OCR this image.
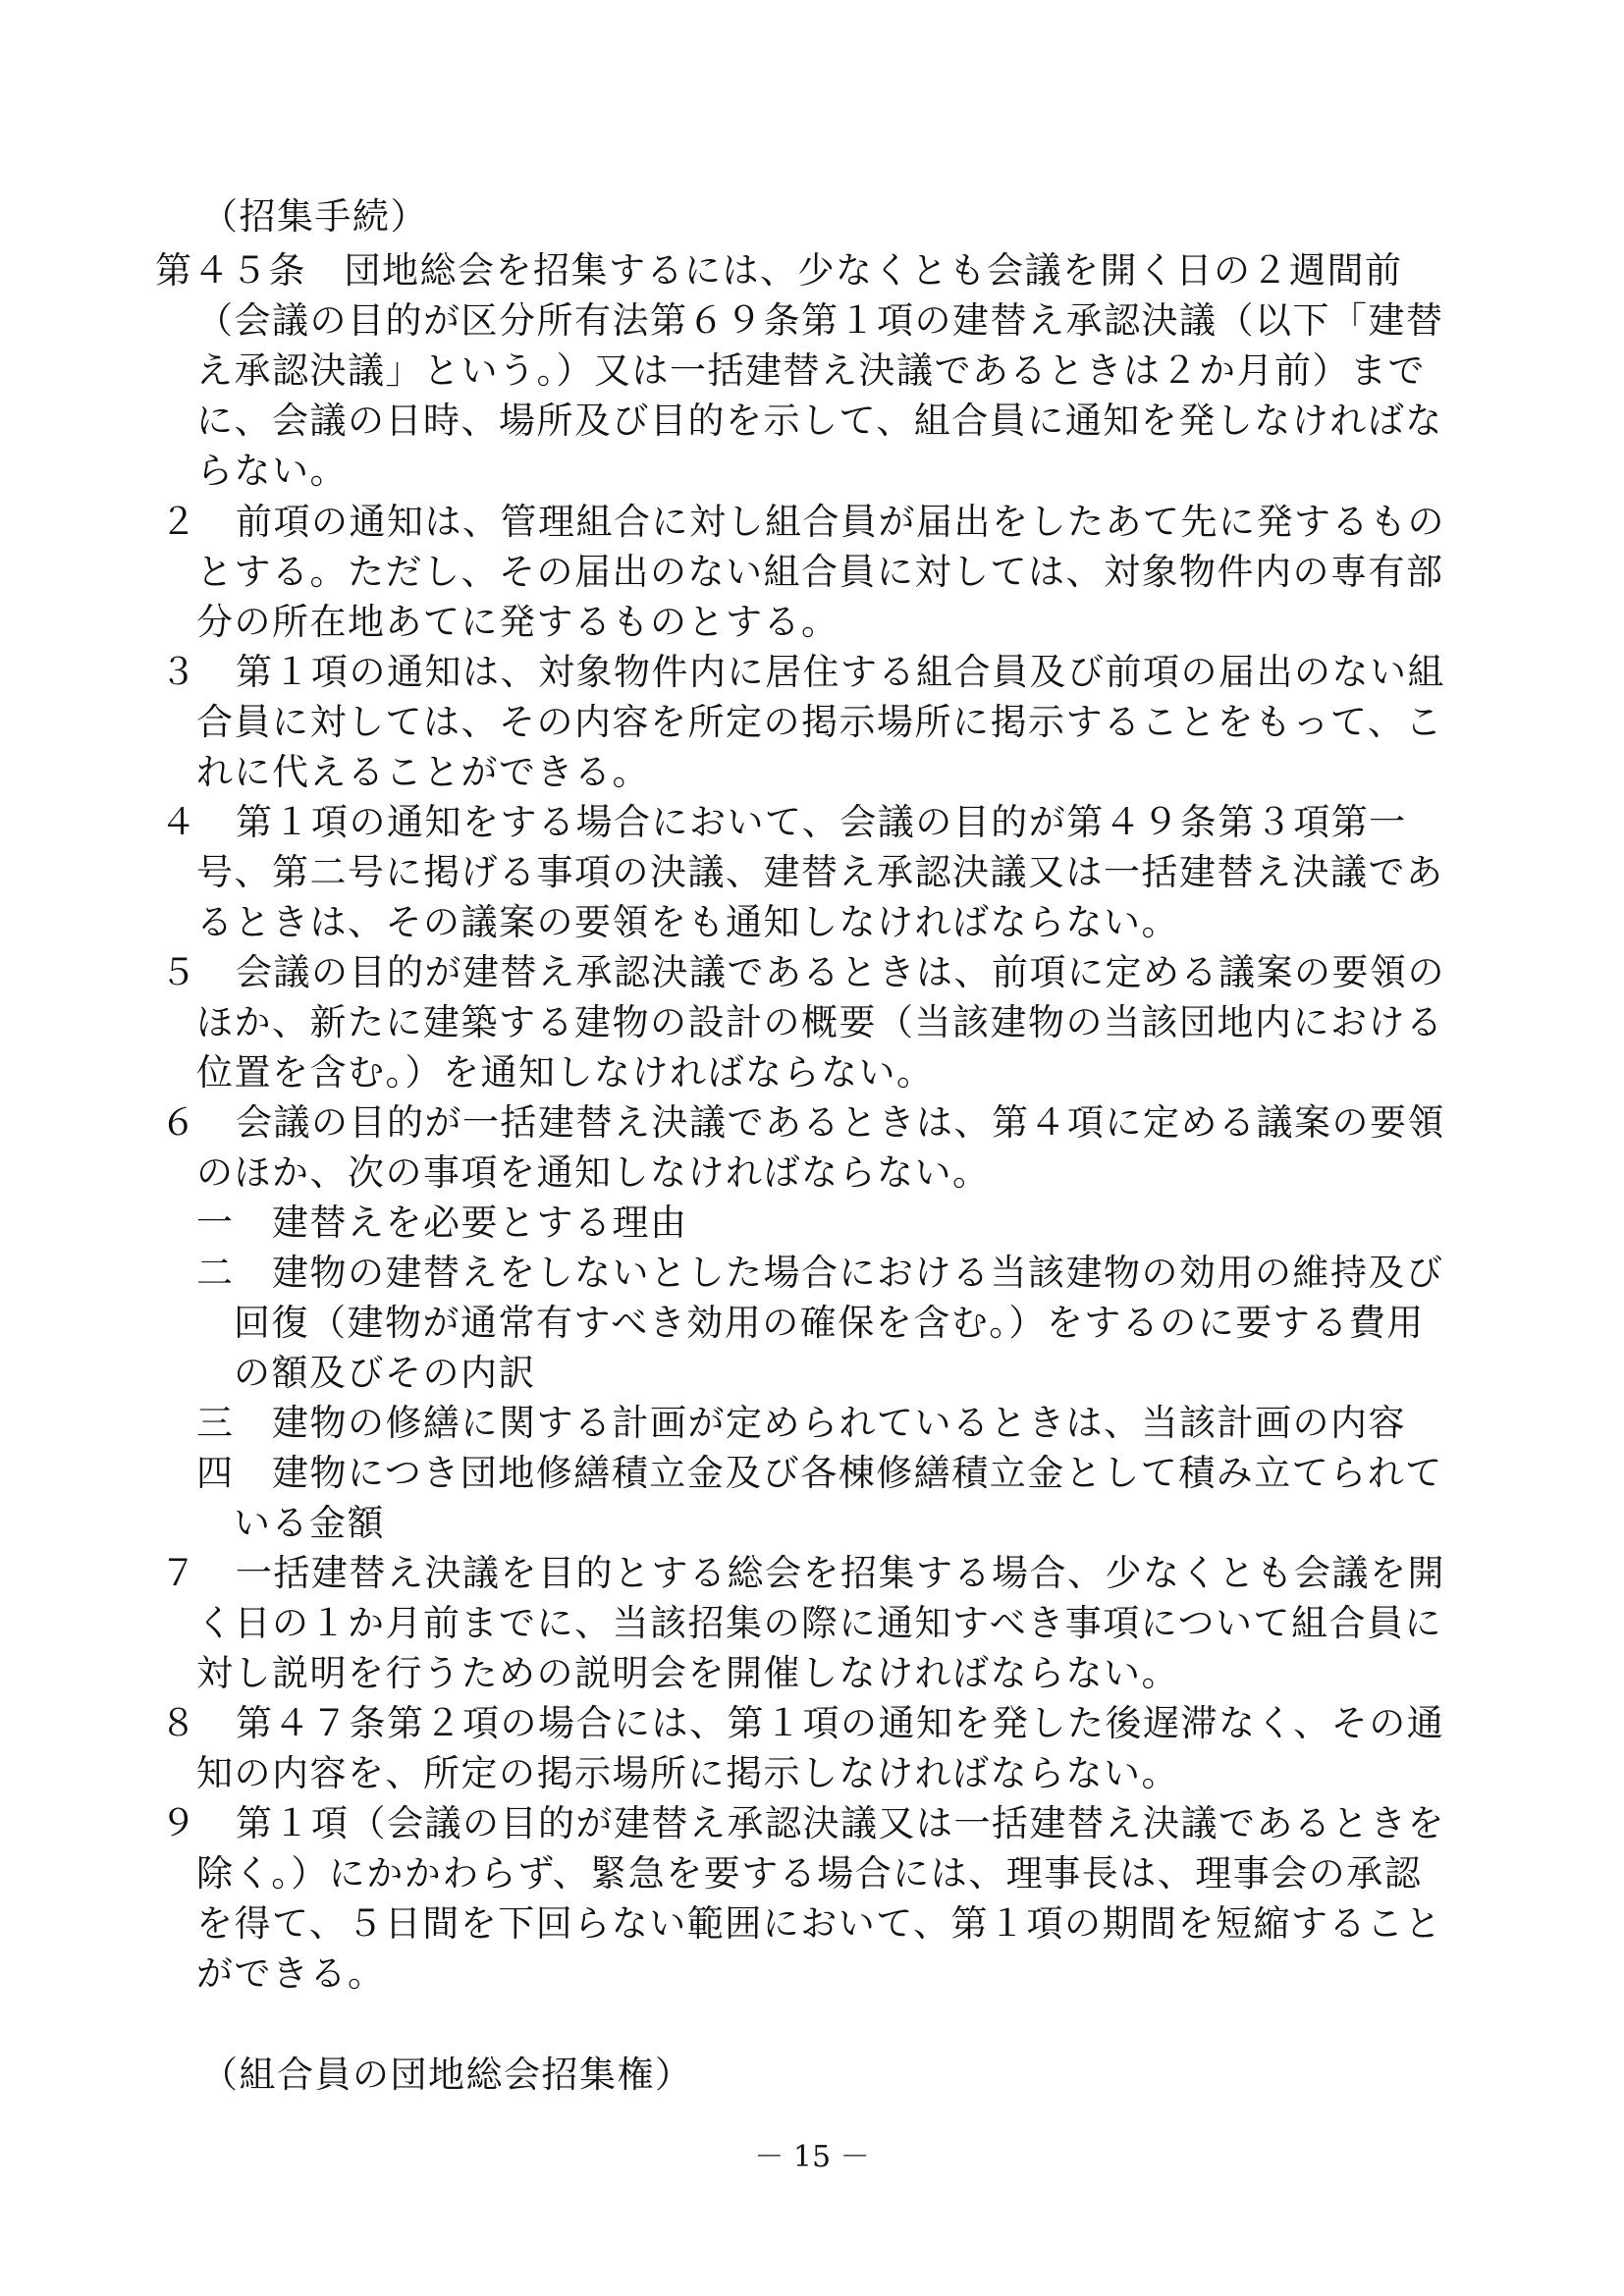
（招集手続）
第４５条　団地総会を招集するには、少なくとも会議を開く日の２週間前
（会議の目的が区分所有法第６９条第１項の建替え承認決議（以下「建替
え承認決議」という。）又は一括建替え決議であるときは２か月前）まで
に、会議の日時、場所及び目的を示して、組合員に通知を発しなければな
らない。
２　前項の通知は、管理組合に対し組合員が届出をしたあて先に発するもの
とする。ただし、その届出のない組合員に対しては、対象物件内の専有部
分の所在地あてに発するものとする。
３　第１項の通知は、対象物件内に居住する組合員及び前項の届出のない組
合員に対しては、その内容を所定の掲示場所に掲示することをもって、こ
れに代えることができる。
４　第１項の通知をする場合において、会議の目的が第４９条第３項第一
号、第二号に掲げる事項の決議、建替え承認決議又は一括建替え決議であ
るときは、その議案の要領をも通知しなければならない。
５　会議の目的が建替え承認決議であるときは、前項に定める議案の要領の
ほか、新たに建築する建物の設計の概要（当該建物の当該団地内における
位置を含む。）を通知しなければならない。
６　会議の目的が一括建替え決議であるときは、第４項に定める議案の要領
のほか、次の事項を通知しなければならない。
一　建替えを必要とする理由
二　建物の建替えをしないとした場合における当該建物の効用の維持及び
回復（建物が通常有すべき効用の確保を含む。）をするのに要する費用
の額及びその内訳
三　建物の修繕に関する計画が定められているときは、当該計画の内容
四　建物につき団地修繕積立金及び各棟修繕積立金として積み立てられて
いる金額
７　一括建替え決議を目的とする総会を招集する場合、少なくとも会議を開
く日の１か月前までに、当該招集の際に通知すべき事項について組合員に
対し説明を行うための説明会を開催しなければならない。
８　第４７条第２項の場合には、第１項の通知を発した後遅滞なく、その通
知の内容を、所定の掲示場所に掲示しなければならない。
９　第１項（会議の目的が建替え承認決議又は一括建替え決議であるときを
除く。）にかかわらず、緊急を要する場合には、理事長は、理事会の承認
を得て、５日間を下回らない範囲において、第１項の期間を短縮すること
ができる。
（組合員の団地総会招集権）
－ 15 －
